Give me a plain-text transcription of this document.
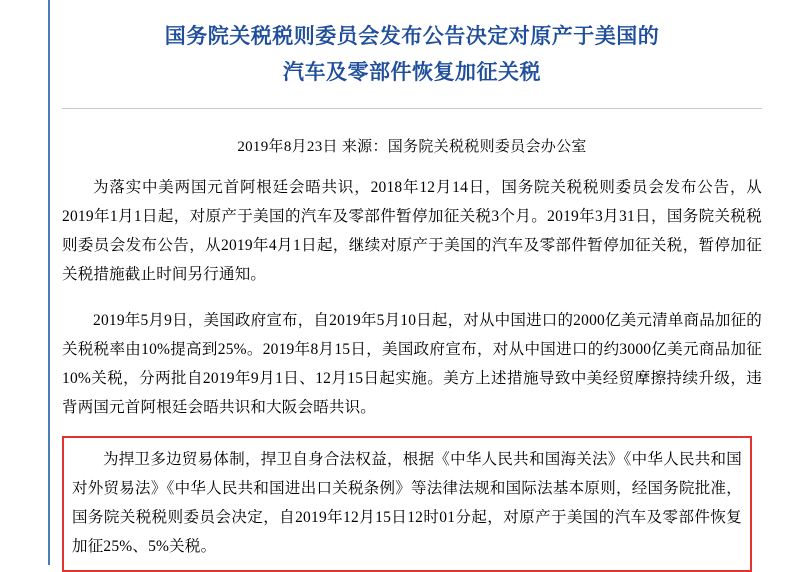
国务院关税税则委员会发布公告决定对原产于美国的
汽车及零部件恢复加征关税
2019年8月23日 来源：国务院关税税则委员会办公室
为落实中美两国元首阿根廷会晤共识，2018年12月14日，国务院关税税则委员会发布公告，从2019年1月1日起，对原产于美国的汽车及零部件暂停加征关税3个月。2019年3月31日，国务院关税税则委员会发布公告，从2019年4月1日起，继续对原产于美国的汽车及零部件暂停加征关税，暂停加征关税措施截止时间另行通知。
2019年5月9日，美国政府宣布，自2019年5月10日起，对从中国进口的2000亿美元清单商品加征的关税税率由10%提高到25%。2019年8月15日，美国政府宣布，对从中国进口的约3000亿美元商品加征10%关税，分两批自2019年9月1日、12月15日起实施。美方上述措施导致中美经贸摩擦持续升级，违背两国元首阿根廷会晤共识和大阪会晤共识。
为捍卫多边贸易体制，捍卫自身合法权益，根据《中华人民共和国海关法》《中华人民共和国对外贸易法》《中华人民共和国进出口关税条例》等法律法规和国际法基本原则，经国务院批准，国务院关税税则委员会决定，自2019年12月15日12时01分起，对原产于美国的汽车及零部件恢复加征25%、5%关税。
